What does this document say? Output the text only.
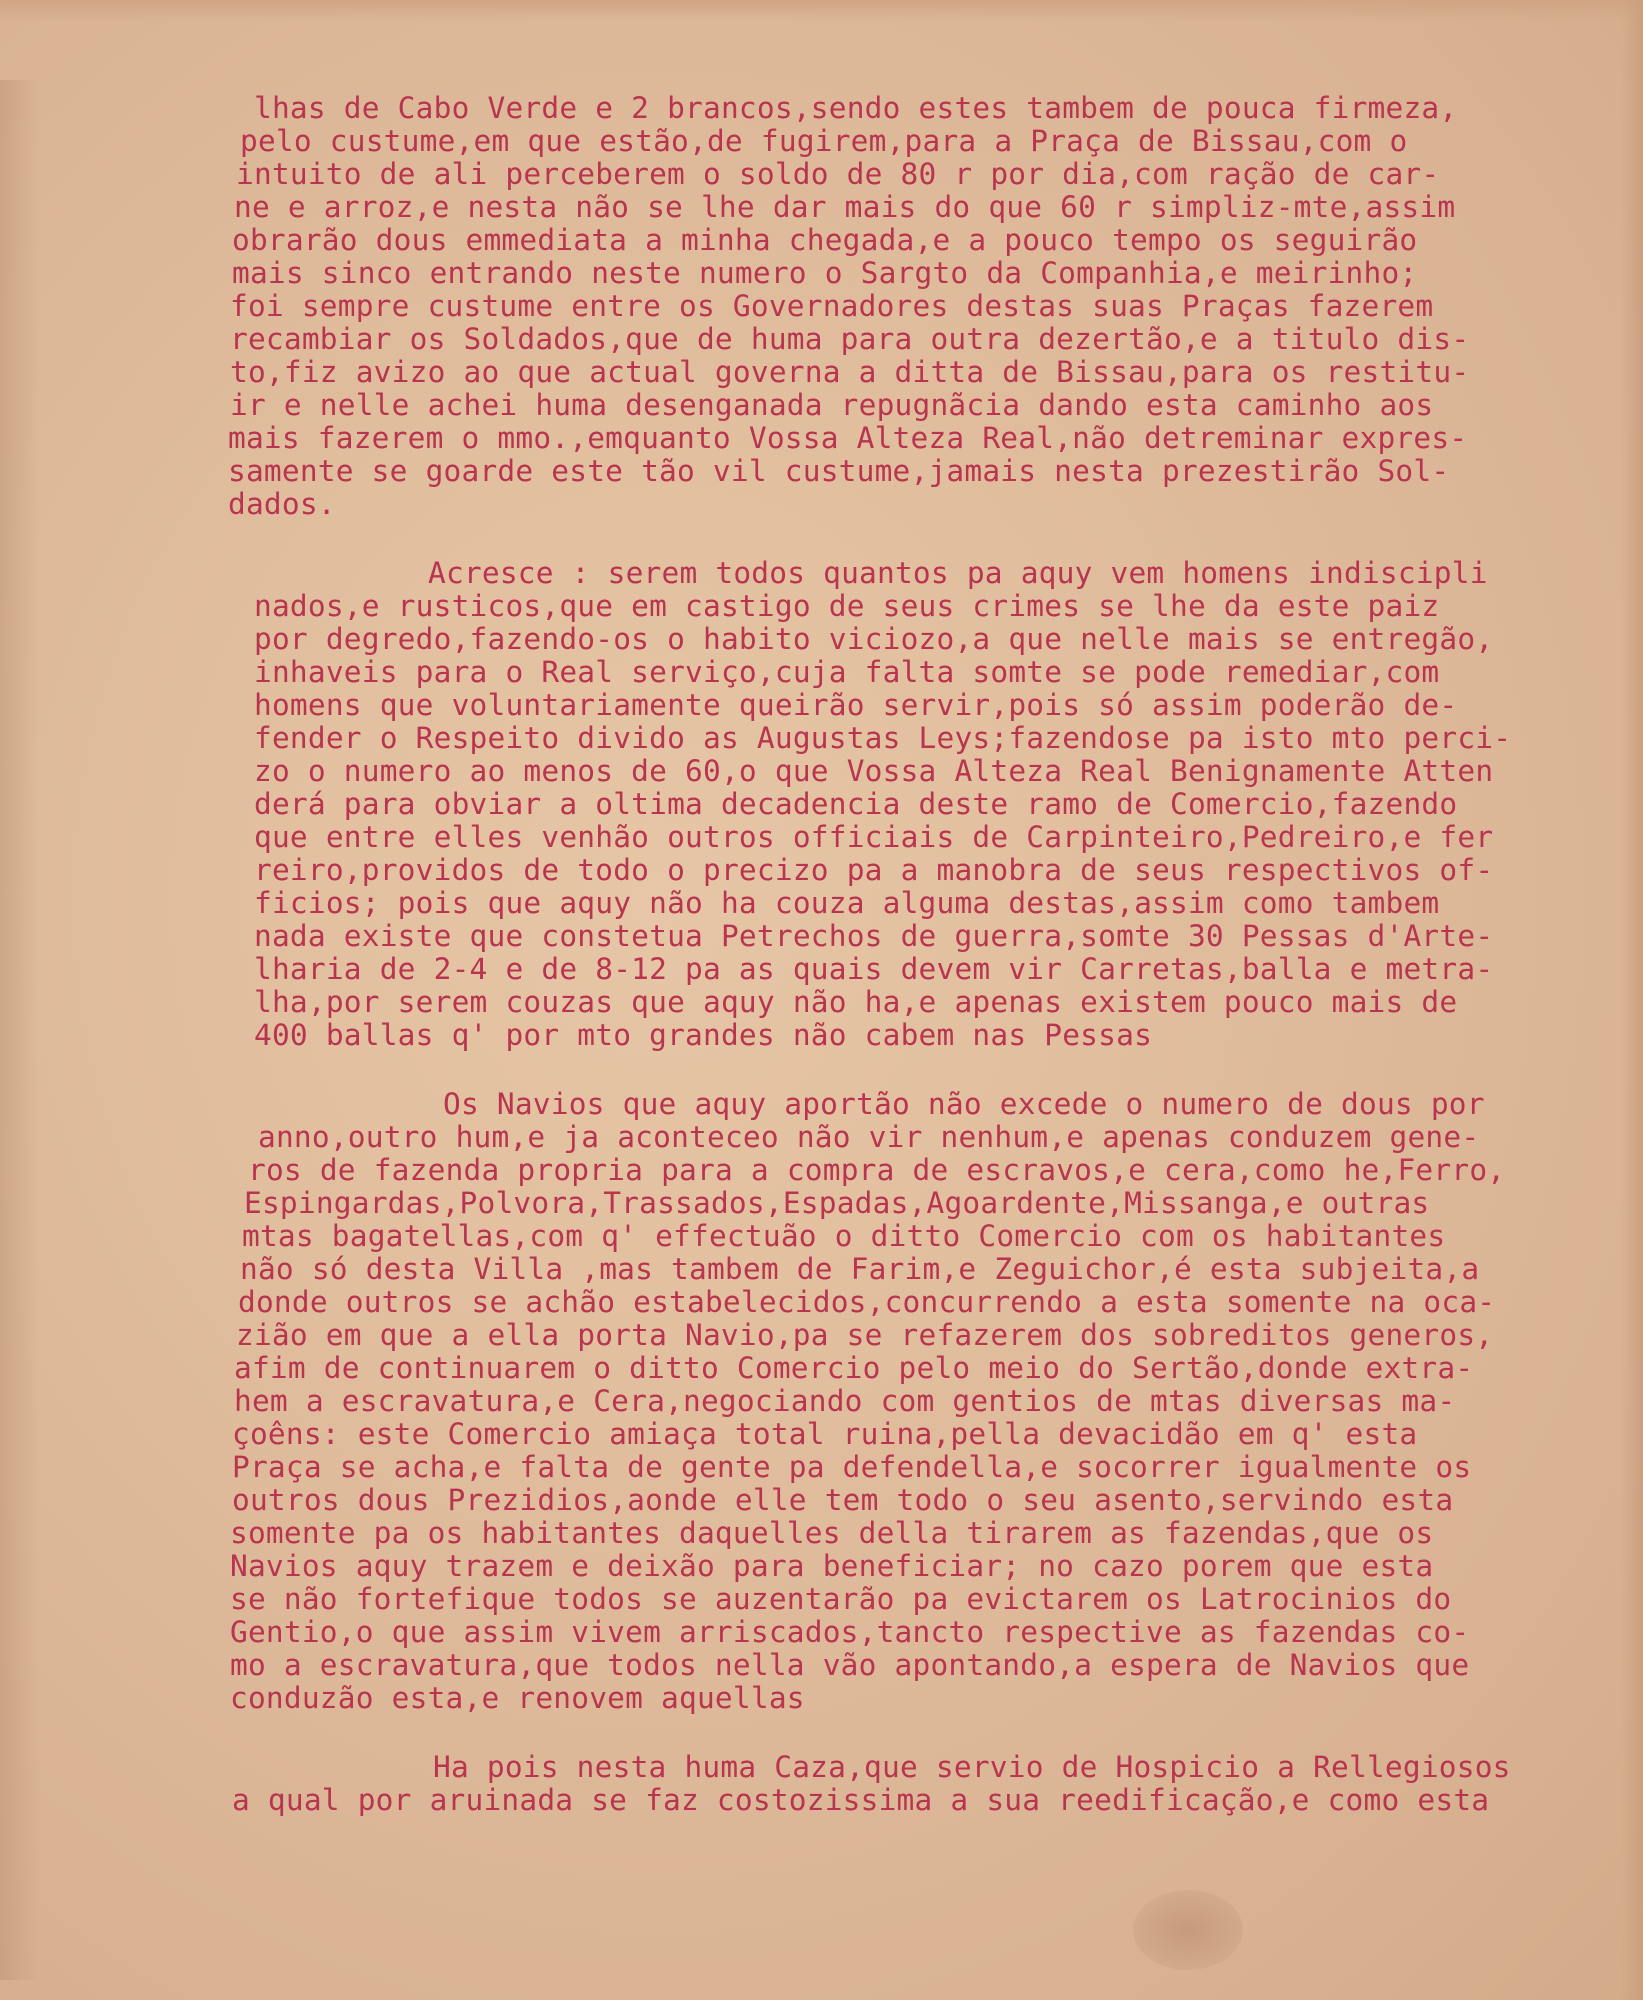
lhas de Cabo Verde e 2 brancos,sendo estes tambem de pouca firmeza,
pelo custume,em que estão,de fugirem,para a Praça de Bissau,com o
intuito de ali perceberem o soldo de 80 r por dia,com ração de car-
ne e arroz,e nesta não se lhe dar mais do que 60 r simpliz-mte,assim
obrarão dous emmediata a minha chegada,e a pouco tempo os seguirão
mais sinco entrando neste numero o Sargto da Companhia,e meirinho;
foi sempre custume entre os Governadores destas suas Praças fazerem
recambiar os Soldados,que de huma para outra dezertão,e a titulo dis-
to,fiz avizo ao que actual governa a ditta de Bissau,para os restitu-
ir e nelle achei huma desenganada repugnãcia dando esta caminho aos
mais fazerem o mmo.,emquanto Vossa Alteza Real,não detreminar expres-
samente se goarde este tão vil custume,jamais nesta prezestirão Sol-
dados.
Acresce : serem todos quantos pa aquy vem homens indiscipli
nados,e rusticos,que em castigo de seus crimes se lhe da este paiz
por degredo,fazendo-os o habito viciozo,a que nelle mais se entregão,
inhaveis para o Real serviço,cuja falta somte se pode remediar,com
homens que voluntariamente queirão servir,pois só assim poderão de-
fender o Respeito divido as Augustas Leys;fazendose pa isto mto perci-
zo o numero ao menos de 60,o que Vossa Alteza Real Benignamente Atten
derá para obviar a oltima decadencia deste ramo de Comercio,fazendo
que entre elles venhão outros officiais de Carpinteiro,Pedreiro,e fer
reiro,providos de todo o precizo pa a manobra de seus respectivos of-
ficios; pois que aquy não ha couza alguma destas,assim como tambem
nada existe que constetua Petrechos de guerra,somte 30 Pessas d'Arte-
lharia de 2-4 e de 8-12 pa as quais devem vir Carretas,balla e metra-
lha,por serem couzas que aquy não ha,e apenas existem pouco mais de
400 ballas q' por mto grandes não cabem nas Pessas
Os Navios que aquy aportão não excede o numero de dous por
anno,outro hum,e ja aconteceo não vir nenhum,e apenas conduzem gene-
ros de fazenda propria para a compra de escravos,e cera,como he,Ferro,
Espingardas,Polvora,Trassados,Espadas,Agoardente,Missanga,e outras
mtas bagatellas,com q' effectuão o ditto Comercio com os habitantes
não só desta Villa ,mas tambem de Farim,e Zeguichor,é esta subjeita,a
donde outros se achão estabelecidos,concurrendo a esta somente na oca-
zião em que a ella porta Navio,pa se refazerem dos sobreditos generos,
afim de continuarem o ditto Comercio pelo meio do Sertão,donde extra-
hem a escravatura,e Cera,negociando com gentios de mtas diversas ma-
çoêns: este Comercio amiaça total ruina,pella devacidão em q' esta
Praça se acha,e falta de gente pa defendella,e socorrer igualmente os
outros dous Prezidios,aonde elle tem todo o seu asento,servindo esta
somente pa os habitantes daquelles della tirarem as fazendas,que os
Navios aquy trazem e deixão para beneficiar; no cazo porem que esta
se não fortefique todos se auzentarão pa evictarem os Latrocinios do
Gentio,o que assim vivem arriscados,tancto respective as fazendas co-
mo a escravatura,que todos nella vão apontando,a espera de Navios que
conduzão esta,e renovem aquellas
Ha pois nesta huma Caza,que servio de Hospicio a Rellegiosos
a qual por aruinada se faz costozissima a sua reedificação,e como esta
